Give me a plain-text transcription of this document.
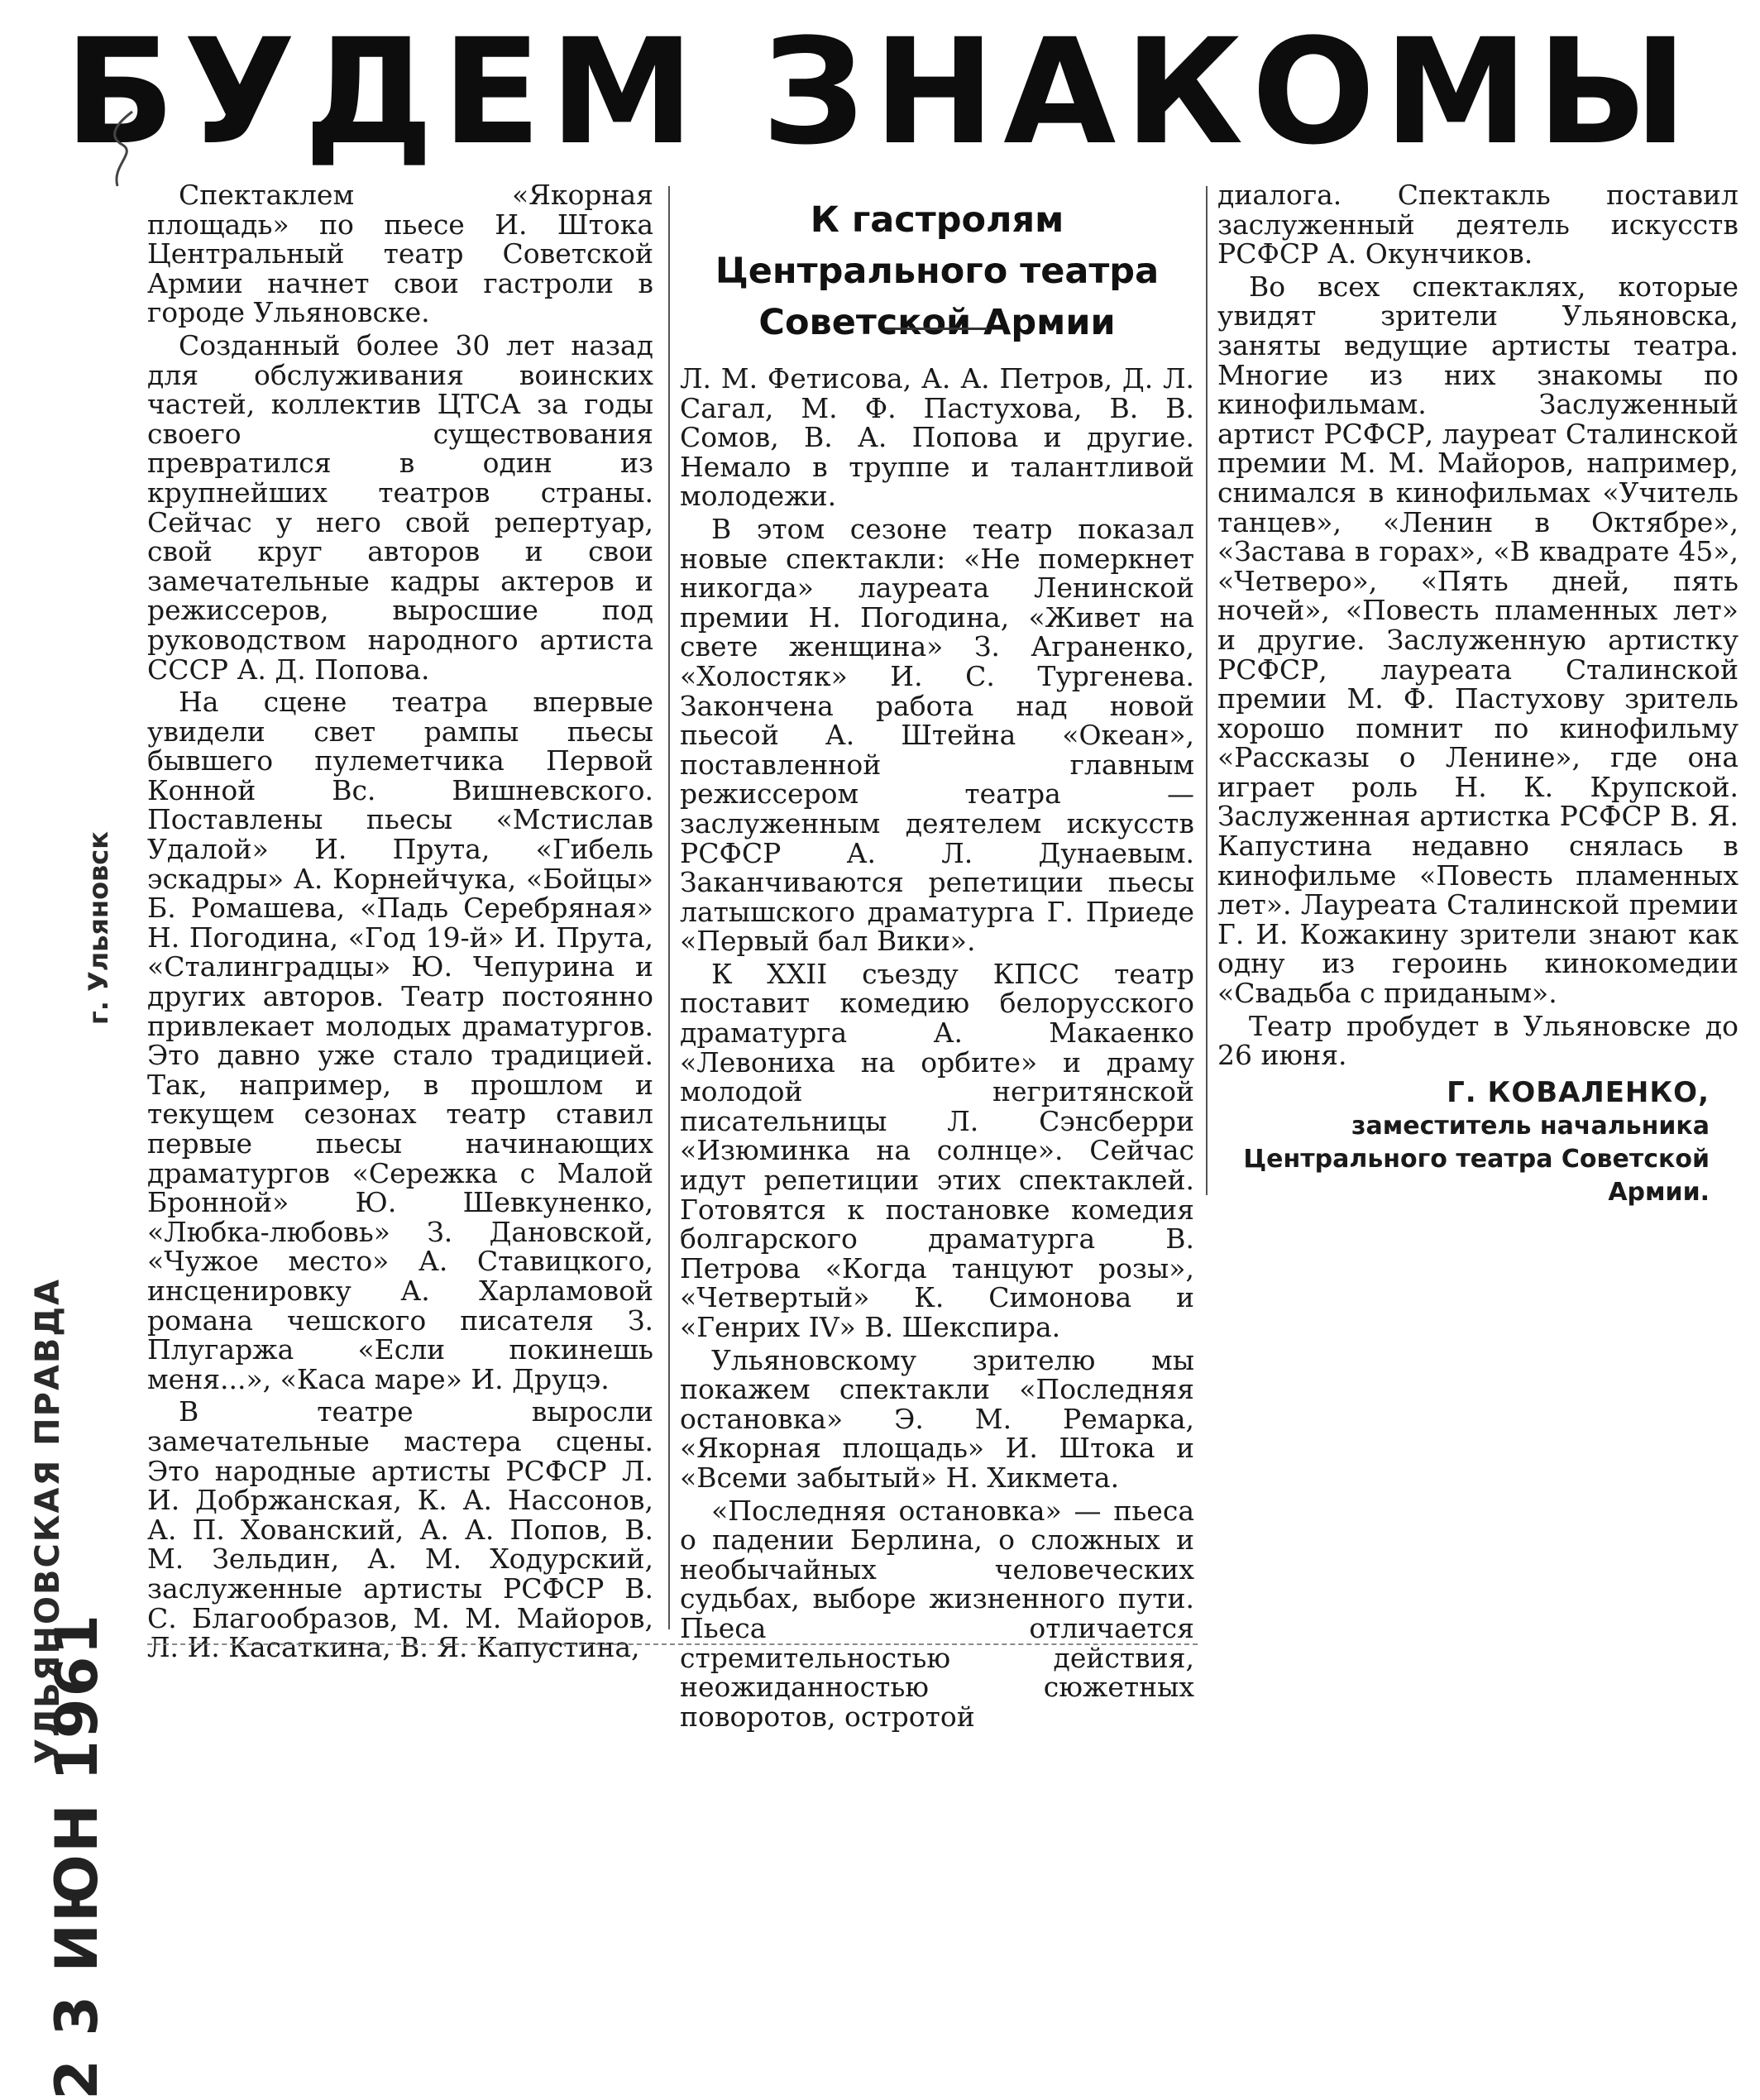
БУДЕМ ЗНАКОМЫ
УЛЬЯНОВСКАЯ ПРАВДА
г. Ульяновск
2 3 ИЮН 1961

Спектаклем «Якорная площадь» по пьесе И. Штока Центральный театр Советской Армии начнет свои гастроли в городе Ульяновске.

Созданный более 30 лет назад для обслуживания воинских частей, коллектив ЦТСА за годы своего существования превратился в один из крупнейших театров страны. Сейчас у него свой репертуар, свой круг авторов и свои замечательные кадры актеров и режиссеров, выросшие под руководством народного артиста СССР А. Д. Попова.

На сцене театра впервые увидели свет рампы пьесы бывшего пулеметчика Первой Конной Вс. Вишневского. Поставлены пьесы «Мстислав Удалой» И. Прута, «Гибель эскадры» А. Корнейчука, «Бойцы» Б. Ромашева, «Падь Серебряная» Н. Погодина, «Год 19-й» И. Прута, «Сталинградцы» Ю. Чепурина и других авторов. Театр постоянно привлекает молодых драматургов. Это давно уже стало традицией. Так, например, в прошлом и текущем сезонах театр ставил первые пьесы начинающих драматургов «Сережка с Малой Бронной» Ю. Шевкуненко, «Любка-любовь» З. Дановской, «Чужое место» А. Ставицкого, инсценировку А. Харламовой романа чешского писателя З. Плугаржа «Если покинешь меня...», «Каса маре» И. Друцэ.

В театре выросли замечательные мастера сцены. Это народные артисты РСФСР Л. И. Добржанская, К. А. Нассонов, А. П. Хованский, А. А. Попов, В. М. Зельдин, А. М. Ходурский, заслуженные артисты РСФСР В. С. Благообразов, М. М. Майоров, Л. И. Касаткина, В. Я. Капустина,

К гастролям Центрального театра Советской Армии

Л. М. Фетисова, А. А. Петров, Д. Л. Сагал, М. Ф. Пастухова, В. В. Сомов, В. А. Попова и другие. Немало в труппе и талантливой молодежи.

В этом сезоне театр показал новые спектакли: «Не померкнет никогда» лауреата Ленинской премии Н. Погодина, «Живет на свете женщина» З. Аграненко, «Холостяк» И. С. Тургенева. Закончена работа над новой пьесой А. Штейна «Океан», поставленной главным режиссером театра — заслуженным деятелем искусств РСФСР А. Л. Дунаевым. Заканчиваются репетиции пьесы латышского драматурга Г. Приеде «Первый бал Вики».

К XXII съезду КПСС театр поставит комедию белорусского драматурга А. Макаенко «Левониха на орбите» и драму молодой негритянской писательницы Л. Сэнсберри «Изюминка на солнце». Сейчас идут репетиции этих спектаклей. Готовятся к постановке комедия болгарского драматурга В. Петрова «Когда танцуют розы», «Четвертый» К. Симонова и «Генрих IV» В. Шекспира.

Ульяновскому зрителю мы покажем спектакли «Последняя остановка» Э. М. Ремарка, «Якорная площадь» И. Штока и «Всеми забытый» Н. Хикмета.

«Последняя остановка» — пьеса о падении Берлина, о сложных и необычайных человеческих судьбах, выборе жизненного пути. Пьеса отличается стремительностью действия, неожиданностью сюжетных поворотов, остротой

диалога. Спектакль поставил заслуженный деятель искусств РСФСР А. Окунчиков.

Во всех спектаклях, которые увидят зрители Ульяновска, заняты ведущие артисты театра. Многие из них знакомы по кинофильмам. Заслуженный артист РСФСР, лауреат Сталинской премии М. М. Майоров, например, снимался в кинофильмах «Учитель танцев», «Ленин в Октябре», «Застава в горах», «В квадрате 45», «Четверо», «Пять дней, пять ночей», «Повесть пламенных лет» и другие. Заслуженную артистку РСФСР, лауреата Сталинской премии М. Ф. Пастухову зритель хорошо помнит по кинофильму «Рассказы о Ленине», где она играет роль Н. К. Крупской. Заслуженная артистка РСФСР В. Я. Капустина недавно снялась в кинофильме «Повесть пламенных лет». Лауреата Сталинской премии Г. И. Кожакину зрители знают как одну из героинь кинокомедии «Свадьба с приданым».

Театр пробудет в Ульяновске до 26 июня.

Г. КОВАЛЕНКО,
заместитель начальника Центрального театра Советской Армии.
